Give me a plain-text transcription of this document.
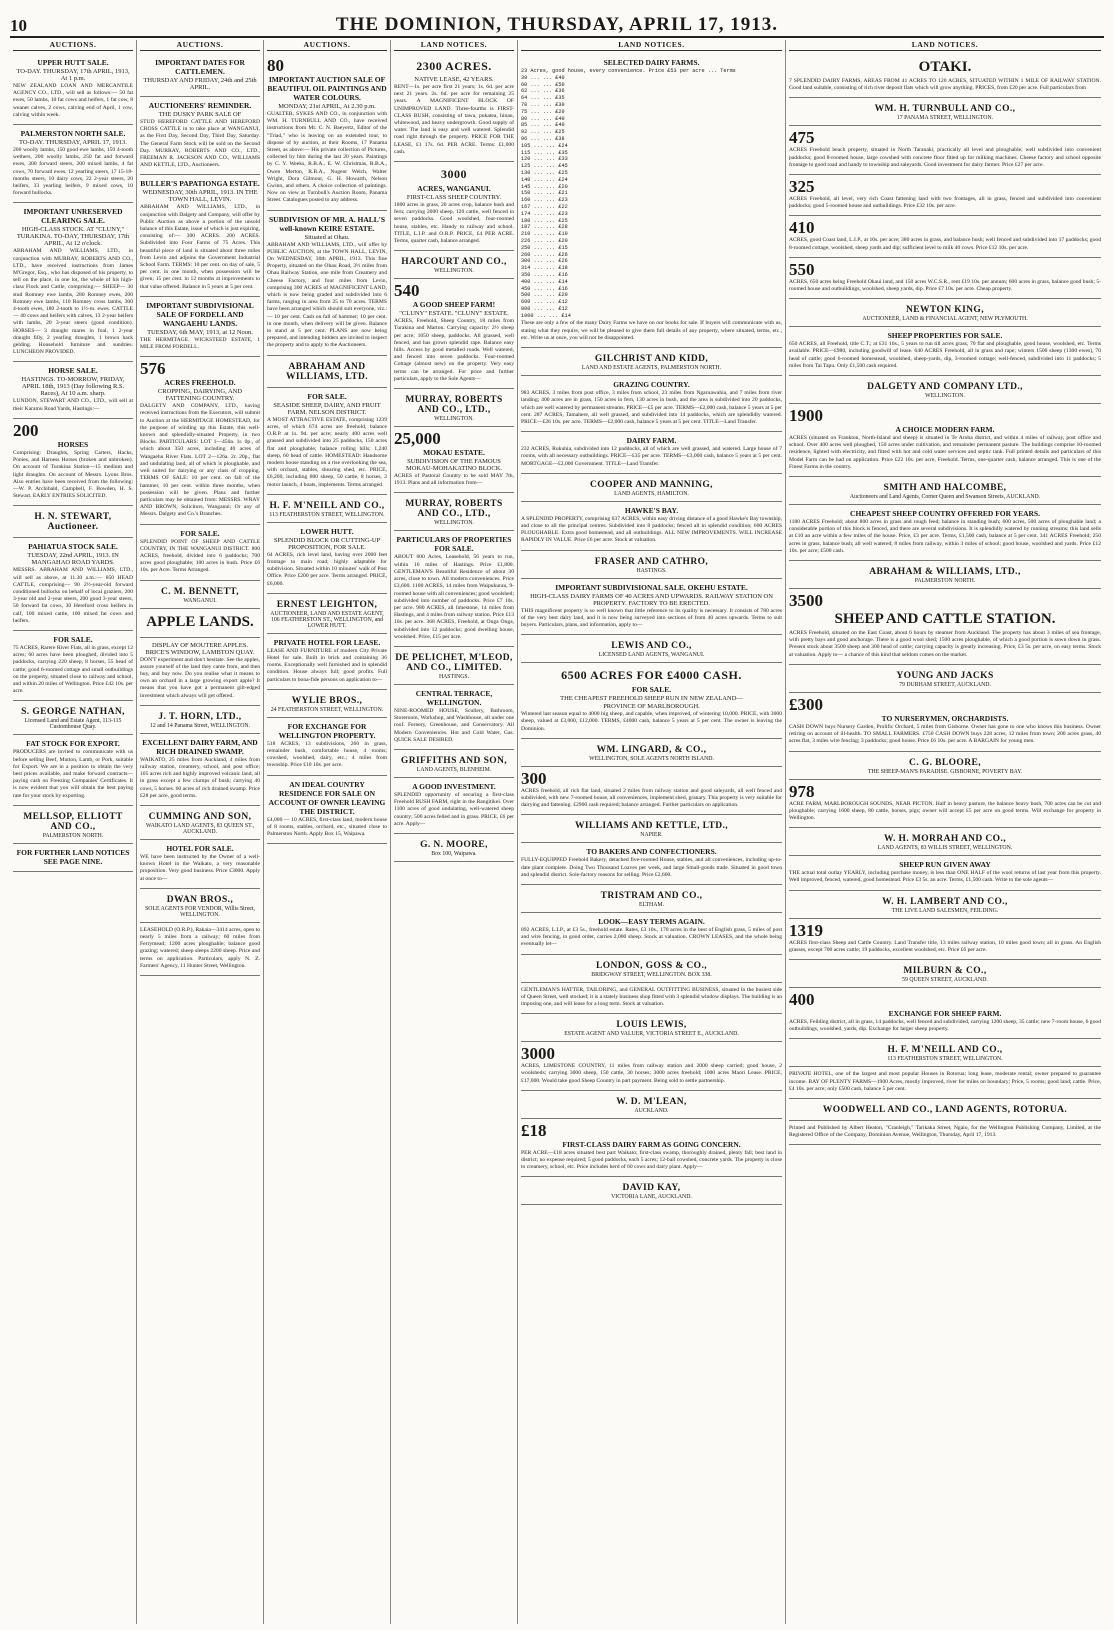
10	THE DOMINION, THURSDAY, APRIL 17, 1913.
AUCTIONS.
UPPER HUTT SALE.
TO-DAY. THURSDAY, 17th APRIL, 1913, At 1 p.m.
NEW ZEALAND LOAN AND MERCANTILE AGENCY CO., LTD., will sell as follows:— 50 fat ewes, 50 lambs, 10 fat cows and heifers, 1 fat cow, 8 weaner calves, 2 cows, calving end of April, 1 cow, calving within week.
PALMERSTON NORTH SALE.
TO-DAY. THURSDAY, APRIL 17, 1913.
200 woolly lambs, 150 good ewe lambs, 150 4-tooth wethers, 200 woolly lambs, 250 fat and forward ewes, 300 forward steers, 200 mixed lambs, 4 fat cows, 70 forward ewes, 12 yearling steers, 17 15-18-months steers, 10 dairy cows, 22 2-year steers, 20 heifers, 33 yearling heifers, 9 mixed cows, 10 forward bullocks.
IMPORTANT UNRESERVED CLEARING SALE.
HIGH-CLASS STOCK. AT "CLUNY," TURAKINA. TO-DAY, THURSDAY, 17th APRIL, At 12 o'clock.
ABRAHAM AND WILLIAMS, LTD., in conjunction with MURRAY, ROBERTS AND CO., LTD., have received instructions from James M'Gregor, Esq., who has disposed of his property, to sell on the place, in one lot, the whole of his high-class Flock and Cattle, comprising:— SHEEP— 30 stud Romney ewe lambs, 280 Romney ewes, 200 Romney ewe lambs, 110 Romney cross lambs, 300 4-tooth ewes, 180 2-tooth to 1½-m. ewes. CATTLE— 40 cows and heifers with calves, 13 2-year heifers with lambs, 20 3-year steers (good condition). HORSES— 3 draught mares in foal, 1 2-year draught filly, 2 yearling draughts, 1 brown hack gelding. Household furniture and sundries. LUNCHEON PROVIDED.
HORSE SALE.
HASTINGS. TO-MORROW, FRIDAY, APRIL 18th, 1913 (Day following R.S. Races), At 10 a.m. sharp.
LUNDON, STEWART AND CO., LTD., will sell at their Karamu Road Yards, Hastings:—
200
HORSES
Comprising: Draughts, Spring Carters, Hacks, Ponies, and Harness Horses (broken and unbroken). On account of Turakina Station—15 medium and light draughts. On account of Messrs. Lyons Bros. Also entries have been received from the following:—W. P. Archibald, Campbell, F. Bowden, H. S. Stewart. EARLY ENTRIES SOLICITED.
H. N. STEWART, Auctioneer.
PAHIATUA STOCK SALE.
TUESDAY, 22nd APRIL, 1913. IN MANGAHAO ROAD YARDS.
MESSRS. ABRAHAM AND WILLIAMS, LTD., will sell as above, at 11.30 a.m.:— 850 HEAD CATTLE, comprising— 90 2½-year-old forward conditioned bullocks on behalf of local graziers, 200 3-year old and 2-year steers, 200 good 3-year steers, 50 forward fat cows, 30 Hereford cross heifers in calf, 100 mixed cattle, 100 mixed fat cows and heifers.
FOR SALE.
75 ACRES, Rarere River Flats, all in grass, except 12 acres; 60 acres have been ploughed, divided into 5 paddocks, carrying 220 sheep, 8 horses, 55 head of cattle; good 6-roomed cottage and small outbuildings on the property, situated close to railway and school, and within 20 miles of Wellington. Price £42 10s. per acre.
S. GEORGE NATHAN,
Licensed Land and Estate Agent, 113-115 Customhouse Quay.
FAT STOCK FOR EXPORT.
PRODUCERS are invited to communicate with us before selling Beef, Mutton, Lamb, or Pork, suitable for Export. We are in a position to obtain the very best prices available, and make forward contracts—paying cash on Freezing Companies' Certificates. It is now evident that you will obtain the best paying rate for your stock by exporting.
MELLSOP, ELLIOTT AND CO.,
PALMERSTON NORTH.
FOR FURTHER LAND NOTICES SEE PAGE NINE.
AUCTIONS.
IMPORTANT DATES FOR CATTLEMEN.
THURSDAY AND FRIDAY, 24th and 25th APRIL.
AUCTIONEERS' REMINDER.
THE DUSKY PARK SALE OF
STUD HEREFORD CATTLE AND HEREFORD CROSS CATTLE in to take place at WANGANUI, as the First Day, Second Day, Third Day, Saturday. The General Farm Stock will be sold on the Second Day. MURRAY, ROBERTS AND CO., LTD., FREEMAN R. JACKSON AND CO., WILLIAMS AND KETTLE, LTD., Auctioneers.
BULLER'S PAPATIONGA ESTATE.
WEDNESDAY, 30th APRIL, 1913. IN THE TOWN HALL, LEVIN.
ABRAHAM AND WILLIAMS, LTD., in conjunction with Dalgety and Company, will offer by Public Auction as above a portion of the unsold balance of this Estate, issue of which is just expiring, consisting of:— 300 ACRES. 200 ACRES. Subdivided into Four Farms of 75 Acres. This beautiful piece of land is situated about three miles from Levin and adjoins the Government Industrial School Farm. TERMS: 10 per cent. on day of sale, 5 per cent. in one month, when possession will be given; 15 per cent. in 12 months at improvements to that value offered. Balance in 5 years at 5 per cent.
IMPORTANT SUBDIVISIONAL SALE OF FORDELL AND WANGAEHU LANDS.
TUESDAY, 6th MAY, 1913, at 12 Noon.
THE HERMITAGE. WICKSTEED ESTATE, 1 MILE FROM FORDELL.
576
ACRES FREEHOLD.
CROPPING, DAIRYING, AND FATTENING COUNTRY.
DALGETY AND COMPANY, LTD., having received instructions from the Executors, will submit to Auction at the HERMITAGE HOMESTEAD, for the purpose of winding up this Estate, this well-known and splendidly-situated Property, in two Blocks. PARTICULARS: LOT 1—450a. 1r. 0p., of which about 350 acres, including 40 acres of Wangaehu River Flats. LOT 2—126a. 2r. 20p., flat and undulating land, all of which is ploughable, and well suited for dairying or any class of cropping. TERMS OF SALE: 10 per cent. on fall of the hammer, 10 per cent. within three months, when possession will be given. Plans and further particulars may be obtained from: MESSRS. WRAY AND BROWN, Solicitors, Wanganui; Or any of Messrs. Dalgety and Co.'s Branches.
FOR SALE.
SPLENDID POINT OF SHEEP AND CATTLE COUNTRY, IN THE WANGANUI DISTRICT. 800 ACRES, freehold, divided into 6 paddocks; 700 acres good ploughable; 100 acres in bush. Price £6 10s. per Acre. Terms Arranged.
C. M. BENNETT,
WANGANUI.
APPLE LANDS.
DISPLAY OF MOUTERE APPLES. BRICE'S WINDOW, LAMBTON QUAY.
DON'T experiment and don't hesitate. See the apples, assure yourself of the land they came from, and then buy, and buy now. Do you realise what it means to own an orchard in a large growing export apple? It means that you have got a permanent gilt-edged investment which always will get offered.
J. T. HORN, LTD.,
12 and 14 Panama Street, WELLINGTON.
EXCELLENT DAIRY FARM, AND RICH DRAINED SWAMP.
WAIKATO, 25 miles from Auckland, 4 miles from railway station, creamery, school, and post office; 105 acres rich and highly improved volcanic land, all in grass except a few clumps of bush; carrying 40 cows, 5 horses. 60 acres of rich drained swamp. Price £28 per acre, good terms.
CUMMING AND SON,
WAIKATO LAND AGENTS, 83 QUEEN ST., AUCKLAND.
HOTEL FOR SALE.
WE have been instructed by the Owner of a well-known Hotel in the Waikato, a very reasonable proposition. Very good business. Price £3000. Apply at once to—
DWAN BROS.,
SOLE AGENTS FOR VENDOR, Willis Street, WELLINGTON.
LEASEHOLD (O.R.P.), Rakaia—3414 acres, open to nearly 5 miles from a railway; 60 miles from Ferrymead; 1200 acres ploughable; balance good grazing; watered; sheep sleeps 2200 sheep. Price and terms on application. Particulars, apply N. Z. Farmers' Agency, 11 Hunter Street, Wellington.
AUCTIONS.
80
IMPORTANT AUCTION SALE OF BEAUTIFUL OIL PAINTINGS AND WATER COLOURS.
MONDAY, 21st APRIL, At 2.30 p.m.
GUALTER, SYKES AND CO., in conjunction with WM. H. TURNBULL AND CO., have received instructions from Mr. C. N. Baeyertz, Editor of the "Triad," who is leaving on an extended tour, to dispose of by auction, at their Rooms, 17 Panama Street, as above:— His private collection of Pictures, collected by him during the last 20 years. Paintings by C. Y. Weeks, R.B.A., E. W. Christmas, R.B.A., Owen Merton, R.B.A., Nugent Welch, Walter Wright, Dora Gilmour, G. H. Howarth, Nelson Gwinn, and others. A choice collection of paintings. Now on view at Turnbull's Auction Room, Panama Street. Catalogues posted to any address.
SUBDIVISION OF MR. A. HALL'S well-known KEIRE ESTATE.
Situated at Ohau.
ABRAHAM AND WILLIAMS, LTD., will offer by PUBLIC AUCTION, at the TOWN HALL, LEVIN, On WEDNESDAY, 30th APRIL, 1913. This fine Property, situated on the Ohau Road, 3½ miles from Ohau Railway Station, one mile from Creamery and Cheese Factory, and four miles from Levin, comprising 300 ACRES of MAGNIFICENT LAND, which is now being graded and subdivided into 6 farms, ranging in area from 25 to 70 acres. TERMS have been arranged which should suit everyone, viz.:— 10 per cent. Cash on fall of hammer; 10 per cent. in one month, when delivery will be given. Balance to stand at 5 per cent. PLANS are now being prepared, and intending bidders are invited to inspect the property and to apply to the Auctioneers.
ABRAHAM AND WILLIAMS, LTD.
FOR SALE.
SEASIDE SHEEP, DAIRY, AND FRUIT FARM. NELSON DISTRICT.
A MOST ATTRACTIVE ESTATE, comprising 1239 acres, of which 674 acres are freehold, balance O.R.P. at 1s. 9d. per acre; nearly 400 acres well grassed and subdivided into 25 paddocks, 150 acres flat and ploughable; balance rolling hills; 1,240 sheep, 60 head of cattle. HOMESTEAD: Handsome modern house standing on a rise overlooking the sea, with orchard, stables, shearing shed, etc. PRICE, £6,200, including 800 sheep, 50 cattle, 8 horses, 2 motor launch, 4 boats, implements. Terms arranged.
H. F. M'NEILL AND CO.,
113 FEATHERSTON STREET, WELLINGTON.
LOWER HUTT.
SPLENDID BLOCK OR CUTTING-UP PROPOSITION, FOR SALE.
64 ACRES, rich level land, having over 2000 feet frontage to main road; highly adaptable for subdivision. Situated within 10 minutes' walk of Post Office. Price £200 per acre. Terms arranged. PRICE, £6,000.
ERNEST LEIGHTON,
AUCTIONEER, LAND AND ESTATE AGENT, 106 FEATHERSTON ST., WELLINGTON, and LOWER HUTT.
PRIVATE HOTEL FOR LEASE.
LEASE AND FURNITURE of modern City Private Hotel for sale. Built in brick and containing 36 rooms. Exceptionally well furnished and in splendid condition. House always full; good profits. Full particulars to bona-fide persons on application to—
WYLIE BROS.,
24 FEATHERSTON STREET, WELLINGTON.
FOR EXCHANGE FOR WELLINGTON PROPERTY.
518 ACRES, 13 subdivisions, 260 in grass, remainder bush, comfortable house, 4 rooms; cowshed, woolshed, dairy, etc.; 4 miles from township. Price £10 10s. per acre.
AN IDEAL COUNTRY RESIDENCE FOR SALE ON ACCOUNT OF OWNER LEAVING THE DISTRICT.
£4,000 — 10 ACRES, first-class land, modern house of 8 rooms, stables, orchard, etc., situated close to Palmerston North. Apply Box 15, Waipawa.
LAND NOTICES.
2300 ACRES.
NATIVE LEASE, 42 YEARS.
RENT—1s. per acre first 21 years; 1s. 6d. per acre next 21 years. 2s. 6d. per acre for remaining 25 years. A MAGNIFICENT BLOCK OF UNIMPROVED LAND. Three-fourths is FIRST-CLASS BUSH, consisting of tawa, pukatea, hinau, whitewood, and heavy undergrowth. Good supply of water. The land is easy and well watered. Splendid road right through the property. PRICE FOR THE LEASE, £1 17s. 6d. PER ACRE. Terms: £1,000 cash.
3000
ACRES, WANGANUI.
FIRST-CLASS SHEEP COUNTRY.
1800 acres in grass, 20 acres crop, balance bush and fern; carrying 2000 sheep, 120 cattle, well fenced in seven paddocks. Good woolshed, four-roomed house, stables, etc. Handy to railway and school. TITLE, L.I.P. and O.R.P. PRICE, £4 PER ACRE. Terms, quarter cash, balance arranged.
HARCOURT AND CO.,
WELLINGTON.
540
A GOOD SHEEP FARM!
"CLUNY" ESTATE. "CLUNY" ESTATE.
ACRES, Freehold, Sheep Country, 18 miles from Turakina and Marton. Carrying capacity: 2½ sheep per acre; 1050 sheep, paddocks. All grassed, well fenced, and has grown splendid rape. Balance easy hills. Access by good metalled roads. Well watered, and fenced into seven paddocks. Four-roomed Cottage (almost new) on the property. Very easy terms can be arranged. For price and further particulars, apply to the Sole Agents—
MURRAY, ROBERTS AND CO., LTD.,
WELLINGTON.
25,000
MOKAU ESTATE.
SUBDIVISION OF THE FAMOUS MOKAU-MOHAKATINO BLOCK.
ACRES of Pastoral Country to be sold MAY 7th, 1913. Plans and all information from—
MURRAY, ROBERTS AND CO., LTD.,
WELLINGTON.
PARTICULARS OF PROPERTIES FOR SALE.
ABOUT 600 Acres, Leasehold, 56 years to run, within 16 miles of Hastings. Price £1,800. GENTLEMAN'S Beautiful Residence of about 30 acres, close to town. All modern conveniences. Price £3,600. 1100 ACRES, 14 miles from Waipukurau, 9-roomed house with all conveniences; good woolshed; subdivided into number of paddocks. Price £7 10s. per acre. 980 ACRES, all limestone, 14 miles from Hastings, and 4 miles from railway station. Price £13 10s. per acre. 368 ACRES, Freehold, at Onga Onga, subdivided into 12 paddocks; good dwelling house, woolshed. Price, £15 per acre.
DE PELICHET, M'LEOD, AND CO., LIMITED.
HASTINGS.
CENTRAL TERRACE, WELLINGTON.
NINE-ROOMED HOUSE, Scullery, Bathroom, Storeroom, Workshop, and Washhouse, all under one roof. Fernery, Greenhouse, and Conservatory. All Modern Conveniences. Hot and Cold Water, Gas. QUICK SALE DESIRED.
GRIFFITHS AND SON,
LAND AGENTS, BLENHEIM.
A GOOD INVESTMENT.
SPLENDID opportunity of securing a first-class Freehold BUSH FARM, right in the Rangitikei. Over 1100 acres of good undulating, well-watered sheep country; 500 acres felled and in grass. PRICE, £6 per acre. Apply—
G. N. MOORE,
Box 100, Waipawa.
LAND NOTICES.
SELECTED DAIRY FARMS.
23 Acres, good house, every convenience. Price £53 per acre ... Terms
39 ... ... £40
60 ... ... £50
62 ... ... £36
64 ... ... £35
70 ... ... £30
75 ... ... £20
80 ... ... £40
85 ... ... £40
92 ... ... £25
96 ... ... £38
105 ... ... £24
115 ... ... £35
120 ... ... £33
125 ... ... £45
130 ... ... £25
140 ... ... £24
145 ... ... £20
150 ... ... £21
160 ... ... £23
167 ... ... £22
174 ... ... £23
180 ... ... £25
187 ... ... £28
210 ... ... £19
226 ... ... £20
250 ... ... £15
260 ... ... £26
300 ... ... £26
314 ... ... £18
350 ... ... £16
400 ... ... £14
450 ... ... £16
500 ... ... £20
600 ... ... £12
800 ... ... £12
1000 ... ... £14
These are only a few of the many Dairy Farms we have on our books for sale. If buyers will communicate with us, stating what they require, we will be pleased to give them full details of any property, where situated, terms, etc., etc. Write us at once, you will not be disappointed.
GILCHRIST AND KIDD,
LAND AND ESTATE AGENTS, PALMERSTON NORTH.
GRAZING COUNTRY.
983 ACRES, 3 miles from post office, 3 miles from school, 23 miles from Ngaruawahia, and 7 miles from river landing; 400 acres are in grass, 150 acres in fern, 130 acres in bush, and the area is subdivided into 20 paddocks, which are well watered by permanent streams. PRICE—£5 per acre. TERMS—£2,000 cash, balance 5 years at 5 per cent. 287 ACRES, Tamahere, all well grassed, and subdivided into 14 paddocks, which are splendidly watered. PRICE—£26 10s. per acre. TERMS—£2,000 cash, balance 5 years at 5 per cent. TITLE—Land Transfer.
DAIRY FARM.
232 ACRES, Rukuhia, subdivided into 12 paddocks, all of which are well grassed, and watered. Large house of 7 rooms, with all necessary outbuildings. PRICE—£35 per acre. TERMS—£3,000 cash, balance 5 years at 5 per cent. MORTGAGE—£2,000 Government. TITLE—Land Transfer.
COOPER AND MANNING,
LAND AGENTS, HAMILTON.
HAWKE'S BAY.
A SPLENDID PROPERTY, comprising 637 ACRES, within easy driving distance of a good Hawke's Bay township, and close to all the principal centres. Subdivided into 8 paddocks; fenced all in splendid condition; 600 ACRES PLOUGHABLE. Extra good homestead, and all outbuildings. ALL NEW IMPROVEMENTS. WILL INCREASE RAPIDLY IN VALUE. Price £6 per acre. Stock at valuation.
FRASER AND CATHRO,
HASTINGS.
IMPORTANT SUBDIVISIONAL SALE. OKEHU ESTATE.
HIGH-CLASS DAIRY FARMS OF 40 ACRES AND UPWARDS. RAILWAY STATION ON PROPERTY. FACTORY TO BE ERECTED.
THIS magnificent property is so well known that little reference to its quality is necessary. It consists of 780 acres of the very best dairy land, and it is now being surveyed into sections of from 40 acres upwards. Terms to suit buyers. Particulars, plans, and information, apply to—
LEWIS AND CO.,
LICENSED LAND AGENTS, WANGANUI.
6500 ACRES FOR £4000 CASH.
FOR SALE.
THE CHEAPEST FREEHOLD SHEEP RUN IN NEW ZEALAND—
PROVINCE OF MARLBOROUGH.
Wintered last season equal to 4000 big sheep, and capable, when improved, of wintering 10,000. PRICE, with 3000 sheep, valued at £3,000, £12,000. TERMS, £4000 cash, balance 5 years at 5 per cent. The owner is leaving the Dominion.
WM. LINGARD, & CO.,
WELLINGTON, SOLE AGENTS NORTH ISLAND.
300
ACRES freehold, all rich flat land, situated 2 miles from railway station and good saleyards, all well fenced and subdivided, with new 7-roomed house, all conveniences, implement shed, granary. This property is very suitable for dairying and fattening. £2900 cash required; balance arranged. Further particulars on application.
WILLIAMS AND KETTLE, LTD.,
NAPIER.
TO BAKERS AND CONFECTIONERS.
FULLY-EQUIPPED Freehold Bakery, detached five-roomed House, stables, and all conveniences, including up-to-date plant complete. Doing Two Thousand Loaves per week, and large Small-goods trade. Situated in good town and splendid district. Sole-factory reasons for selling. Price £2,600.
TRISTRAM AND CO.,
ELTHAM.
LOOK—EASY TERMS AGAIN.
892 ACRES, L.I.P., at £3 5s., freehold estate. Rates, £3 10s., 170 acres in the best of English grass, 5 miles of post and wire fencing, in good order, carries 2,000 sheep. Stock at valuation. CROWN LEASES, and the whole being eventually let—
LONDON, GOSS & CO.,
BRIDGWAY STREET, WELLINGTON. BOX 338.
GENTLEMAN'S HATTER, TAILORING, and GENERAL OUTFITTING BUSINESS, situated in the busiest side of Queen Street, well stocked; it is a stately business shop fitted with 3 splendid window displays. The building is an imposing one, and will lease for a long term. Stock at valuation.
LOUIS LEWIS,
ESTATE AGENT AND VALUER, VICTORIA STREET E., AUCKLAND.
3000
ACRES, LIMESTONE COUNTRY, 11 miles from railway station and 2000 sheep carried; good house, 2 woolsheds; carrying 3000 sheep, 150 cattle, 30 horses; 3000 acres freehold; 1000 acres Maori Lease. PRICE, £17,000. Would take good Sheep Country in part payment. Being sold to settle partnership.
W. D. M'LEAN,
AUCKLAND.
£18
FIRST-CLASS DAIRY FARM AS GOING CONCERN.
PER ACRE—£18 acres situated best part Waikato; first-class swamp, thoroughly drained, plenty fall; best land in district; no expense required; 5 good paddocks, each 5 acres; 12-bail cowshed, concrete yards. The property is close to creamery, school, etc. Price includes herd of 60 cows and dairy plant. Apply—
DAVID KAY,
VICTORIA LANE, AUCKLAND.
LAND NOTICES.
OTAKI.
7 SPLENDID DAIRY FARMS, AREAS FROM 41 ACRES TO 120 ACRES, SITUATED WITHIN 1 MILE OF RAILWAY STATION. Good land suitable, consisting of rich river deposit flats which will grow anything. PRICES, from £20 per acre. Full particulars from
WM. H. TURNBULL AND CO.,
17 PANAMA STREET, WELLINGTON.
475
ACRES Freehold beach property, situated in North Taranaki, practically all level and ploughable; well subdivided into convenient paddocks; good 8-roomed house, large cowshed with concrete floor fitted up for milking machines. Cheese factory and school opposite frontage to good road and handy to township and saleyards. Good investment for dairy farmer. Price £27 per acre.
325
ACRES Freehold, all level, very rich Coast fattening land with two frontages, all in grass, fenced and subdivided into convenient paddocks; good 5-roomed house and outbuildings. Price £32 10s. per acre.
410
ACRES, good Coast land, L.I.P., at 10s. per acre; 380 acres in grass, and balance bush; well fenced and subdivided into 17 paddocks; good 8-roomed cottage, woolshed, sheep yards and dip; sufficient level to milk 40 cows. Price £12 10s. per acre.
550
ACRES, 650 acres being Freehold Okaui land, and 150 acres W.C.S.R., rent £19 10s. per annum; 600 acres in grass, balance good bush; 5-roomed house and outbuildings, woolshed, sheep yards, dip. Price £7 10s. per acre. Cheap property.
NEWTON KING,
AUCTIONEER, LAND & FINANCIAL AGENT, NEW PLYMOUTH.
SHEEP PROPERTIES FOR SALE.
650 ACRES, all Freehold, title C.T.; at £31 10s., 5 years to run till acres grass, 70 flat and ploughable, good house, woolshed, etc. Terms available. PRICE—£980, including goodwill of lease. 640 ACRES Freehold, all in grass and rape; winters 1500 sheep (1300 ewes), 70 head of cattle; good 6-roomed homestead, woolshed, sheep-yards, dip, 3-roomed cottage; well-fenced, subdivided into 11 paddocks; 5 miles from Tai Tapu. Only £1,500 cash required.
DALGETY AND COMPANY LTD.,
WELLINGTON.
1900
A CHOICE MODERN FARM.
ACRES (situated on Frankton, North-Island and sheep) is situated in Te Aroha district, and within 4 miles of railway, post office and school. Over 400 acres well ploughed, 150 acres under cultivation, and remainder permanent pasture. The buildings comprise 10-roomed residence, lighted with electricity, and fitted with hot and cold water services and septic tank. Full printed details and particulars of this Model Farm can be had on application. Price £22 10s. per acre, Freehold. Terms, one-quarter cash, balance arranged. This is one of the Finest Farms in the country.
SMITH AND HALCOMBE,
Auctioneers and Land Agents, Corner Queen and Swanson Streets, AUCKLAND.
CHEAPEST SHEEP COUNTRY OFFERED FOR YEARS.
1180 ACRES Freehold; about 800 acres in grass and rough feed; balance in standing bush; 600 acres, 500 acres of ploughable land; a considerable portion of this block is fenced, and there are several subdivisions. It is splendidly watered by running streams; this land sells at £10 an acre within a few miles of the house. Price, £3 per acre. Terms, £1,500 cash, balance at 5 per cent. 341 ACRES Freehold; 250 acres in grass, balance bush; all well watered; 8 miles from railway, within 3 miles of school; good house, woolshed and yards. Price £12 10s. per acre; £500 cash.
ABRAHAM & WILLIAMS, LTD.,
PALMERSTON NORTH.
3500
SHEEP AND CATTLE STATION.
ACRES Freehold, situated on the East Coast, about 6 hours by steamer from Auckland. The property has about 3 miles of sea frontage, with pretty bays and good anchorage. There is a good wool shed; 1500 acres ploughable, of which a good portion is sown down in grass. Present stock about 3500 sheep and 300 head of cattle; carrying capacity is greatly increasing. Price, £3 5s. per acre, on easy terms. Stock at valuation. Apply to— a chance of this kind that seldom comes on the market.
YOUNG AND JACKS
79 DURHAM STREET, AUCKLAND.
£300
TO NURSERYMEN, ORCHARDISTS.
CASH DOWN buys Nursery Garden, Prolific Orchard, 5 miles from Gisborne. Owner has gone to one who knows this business. Owner retiring on account of ill-health. TO SMALL FARMERS. £750 CASH DOWN buys 228 acres, 12 miles from town; 200 acres grass, 40 acres flat, 3 miles wire fencing; 3 paddocks; good house. Price £6 10s. per acre. A BARGAIN for young men.
C. G. BLOORE,
THE SHEEP-MAN'S PARADISE. GISBORNE, POVERTY BAY.
978
ACRE FARM, MARLBOROUGH SOUNDS, NEAR PICTON. Half in heavy pasture, the balance heavy bush, 700 acres can be cut and ploughable; carrying 1600 sheep, 80 cattle, horses, pigs; owner will accept £5 per acre on good terms. Will exchange for property in Wellington.
W. H. MORRAH AND CO.,
LAND AGENTS, 83 WILLIS STREET, WELLINGTON.
SHEEP RUN GIVEN AWAY
THE actual total outlay YEARLY, including purchase money, is less than ONE HALF of the wool returns of last year from this property. Well improved, fenced, watered, good homestead. Price £3 5s. an acre. Terms, £1,500 cash. Write to the sole agents—
W. H. LAMBERT AND CO.,
THE LIVE LAND SALESMEN, FEILDING.
1319
ACRES first-class Sheep and Cattle Country. Land Transfer title, 13 miles railway station, 10 miles good town; all in grass. An English grasses, except 700 acres cattle; 19 paddocks, excellent woolshed, etc. Price £6 per acre.
MILBURN & CO.,
59 QUEEN STREET, AUCKLAND.
400
EXCHANGE FOR SHEEP FARM.
ACRES, Feilding district, all in grass, 14 paddocks, well fenced and subdivided, carrying 1200 sheep, 35 cattle; new 7-room house, 6 good outbuildings, woolshed, yards, dip. Exchange for larger sheep property.
H. F. M'NEILL AND CO.,
113 FEATHERSTON STREET, WELLINGTON.
PRIVATE HOTEL, one of the largest and most popular Houses in Rotorua; long lease, moderate rental; owner prepared to guarantee income. BAY OF PLENTY FARMS—1900 Acres, mostly improved, river for miles on boundary; Price, 5 rooms; good land; cattle. Price, £4 10s. per acre; only £500 cash, balance 5 per cent.
WOODWELL AND CO., LAND AGENTS, ROTORUA.
Printed and Published by Albert Heaton, "Cranleigh," Tarikaka Street, Ngaio, for the Wellington Publishing Company, Limited, at the Registered Office of the Company, Dominion Avenue, Wellington, Thursday, April 17, 1913.
